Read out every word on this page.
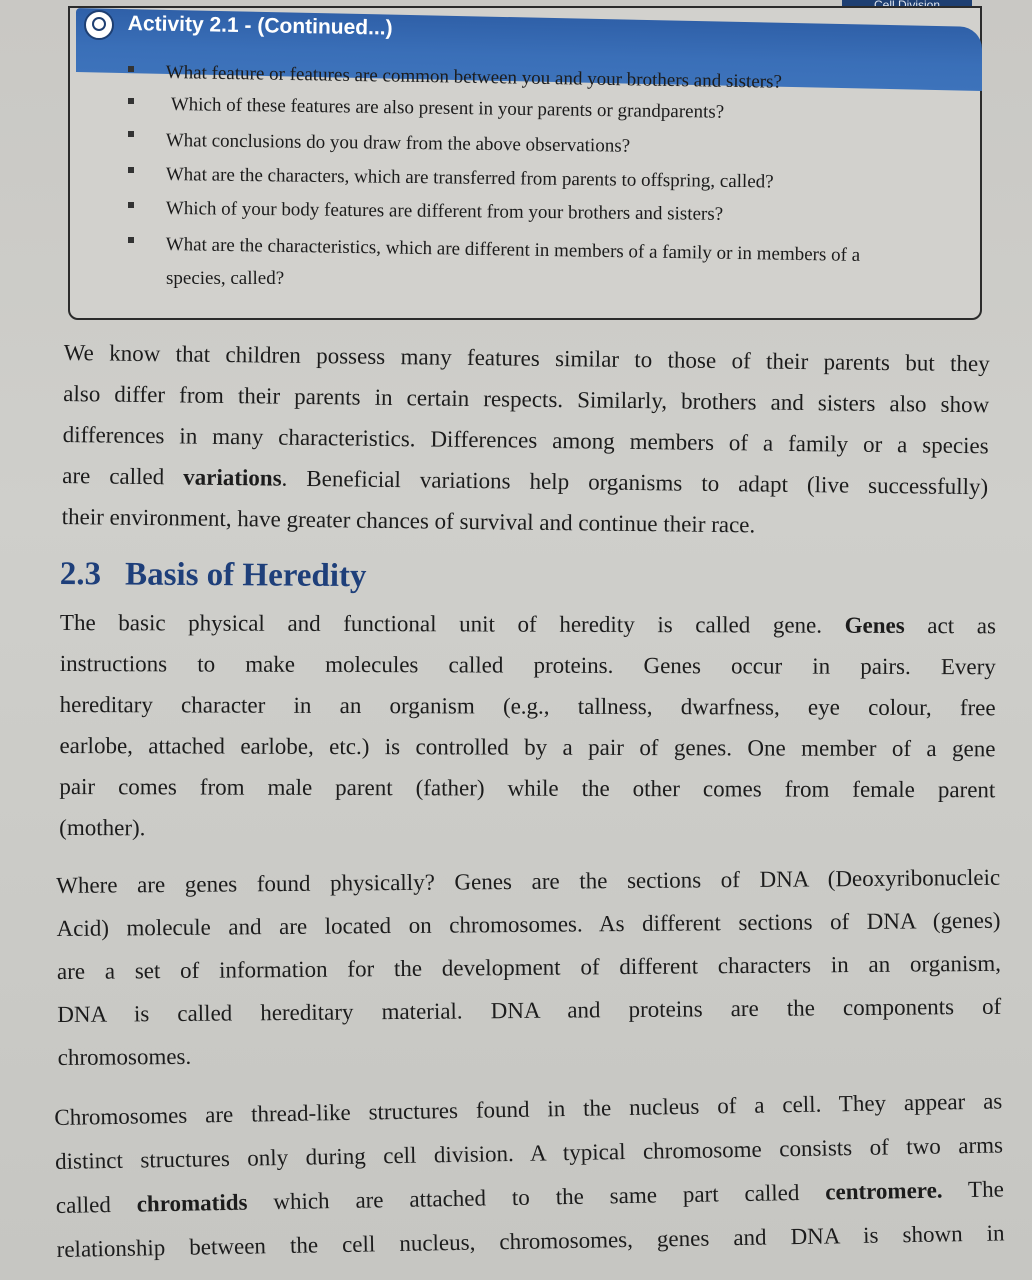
Activity 2.1 - (Continued...)
What feature or features are common between you and your brothers and sisters?
Which of these features are also present in your parents or grandparents?
What conclusions do you draw from the above observations?
What are the characters, which are transferred from parents to offspring, called?
Which of your body features are different from your brothers and sisters?
What are the characteristics, which are different in members of a family or in members of a
species, called?
We know that children possess many features similar to those of their parents but they
also differ from their parents in certain respects. Similarly, brothers and sisters also show
differences in many characteristics. Differences among members of a family or a species
are called variations. Beneficial variations help organisms to adapt (live successfully)
their environment, have greater chances of survival and continue their race.
2.3 Basis of Heredity
The basic physical and functional unit of heredity is called gene. Genes act as
instructions to make molecules called proteins. Genes occur in pairs. Every
hereditary character in an organism (e.g., tallness, dwarfness, eye colour, free
earlobe, attached earlobe, etc.) is controlled by a pair of genes. One member of a gene
pair comes from male parent (father) while the other comes from female parent
(mother).
Where are genes found physically? Genes are the sections of DNA (Deoxyribonucleic
Acid) molecule and are located on chromosomes. As different sections of DNA (genes)
are a set of information for the development of different characters in an organism,
DNA is called hereditary material. DNA and proteins are the components of
chromosomes.
Chromosomes are thread-like structures found in the nucleus of a cell. They appear as
distinct structures only during cell division. A typical chromosome consists of two arms
called chromatids which are attached to the same part called centromere. The
relationship between the cell nucleus, chromosomes, genes and DNA is shown in
